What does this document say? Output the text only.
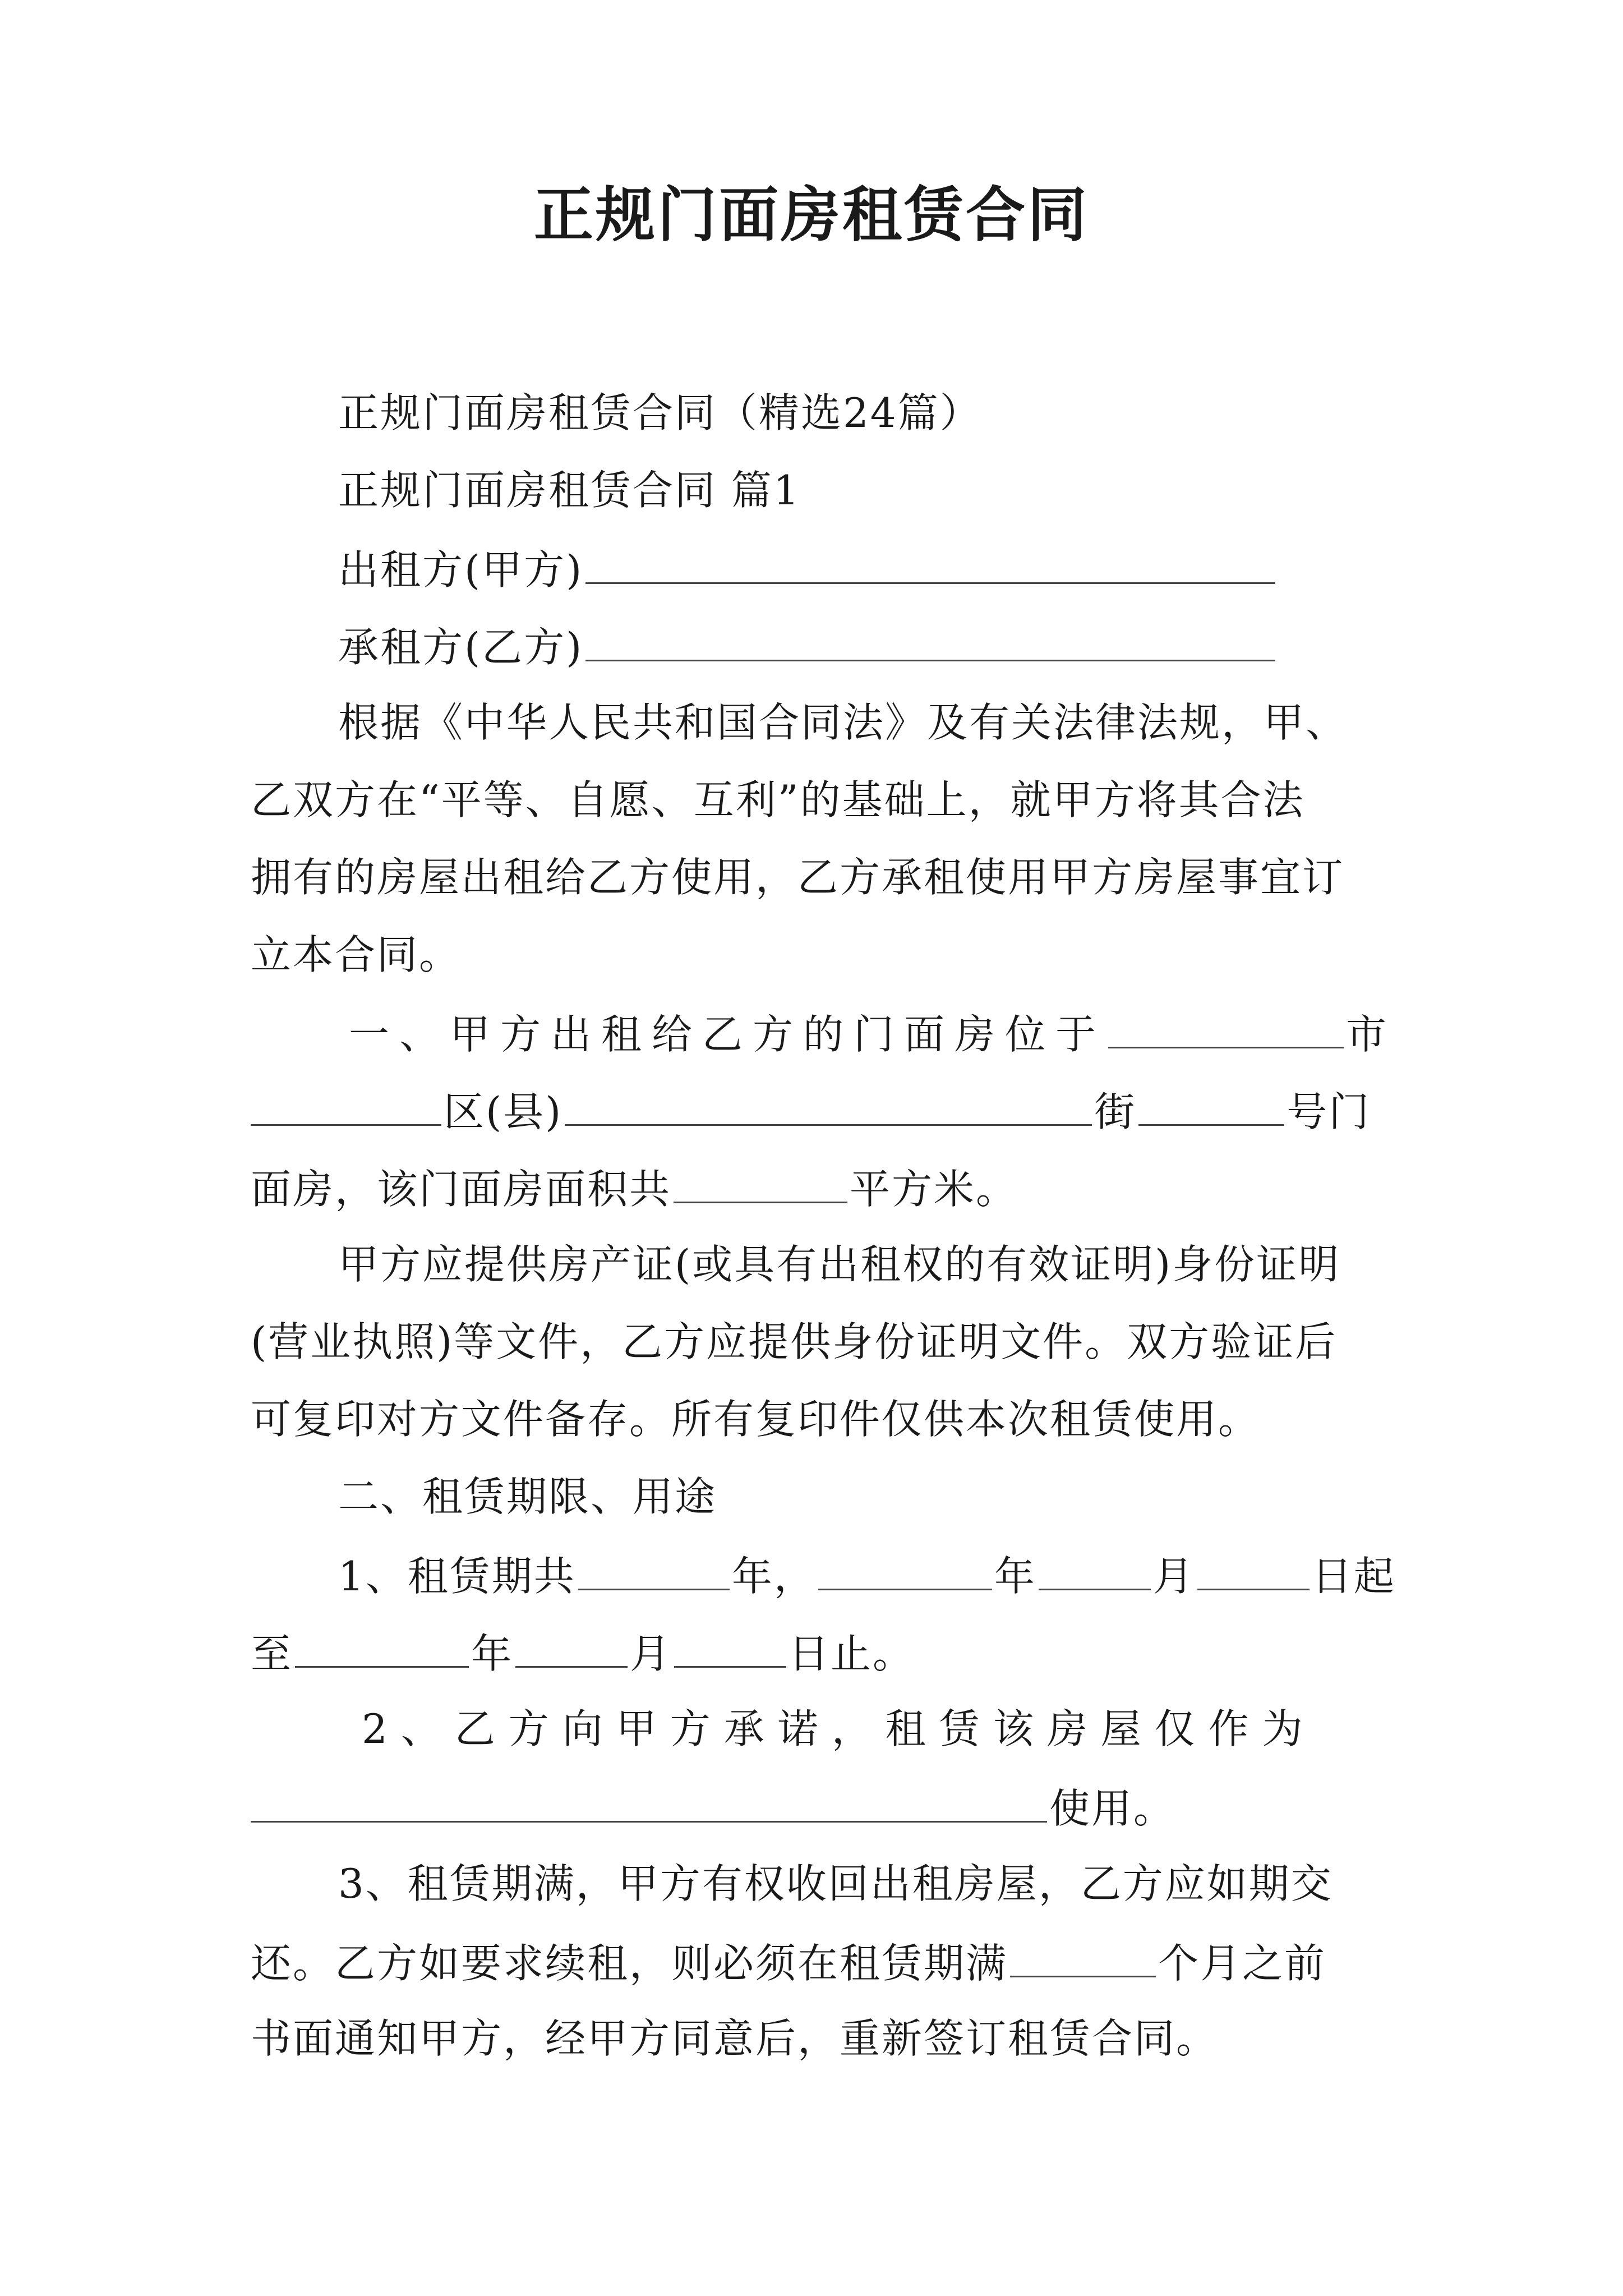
正规门面房租赁合同
正规门面房租赁合同（精选24篇）
正规门面房租赁合同 篇1
出租方(甲方)
承租方(乙方)
根据《中华人民共和国合同法》及有关法律法规，甲、
乙双方在“平等、自愿、互利”的基础上，就甲方将其合法
拥有的房屋出租给乙方使用，乙方承租使用甲方房屋事宜订
立本合同。
一、甲方出租给乙方的门面房位于	市
区(县)	街	号门
面房，该门面房面积共	平方米。
甲方应提供房产证(或具有出租权的有效证明)身份证明
(营业执照)等文件，乙方应提供身份证明文件。双方验证后
可复印对方文件备存。所有复印件仅供本次租赁使用。
二、租赁期限、用途
1、租赁期共	年，	年	月	日起
至	年	月	日止。
2、乙方向甲方承诺，租赁该房屋仅作为
使用。
3、租赁期满，甲方有权收回出租房屋，乙方应如期交
还。乙方如要求续租，则必须在租赁期满	个月之前
书面通知甲方，经甲方同意后，重新签订租赁合同。
